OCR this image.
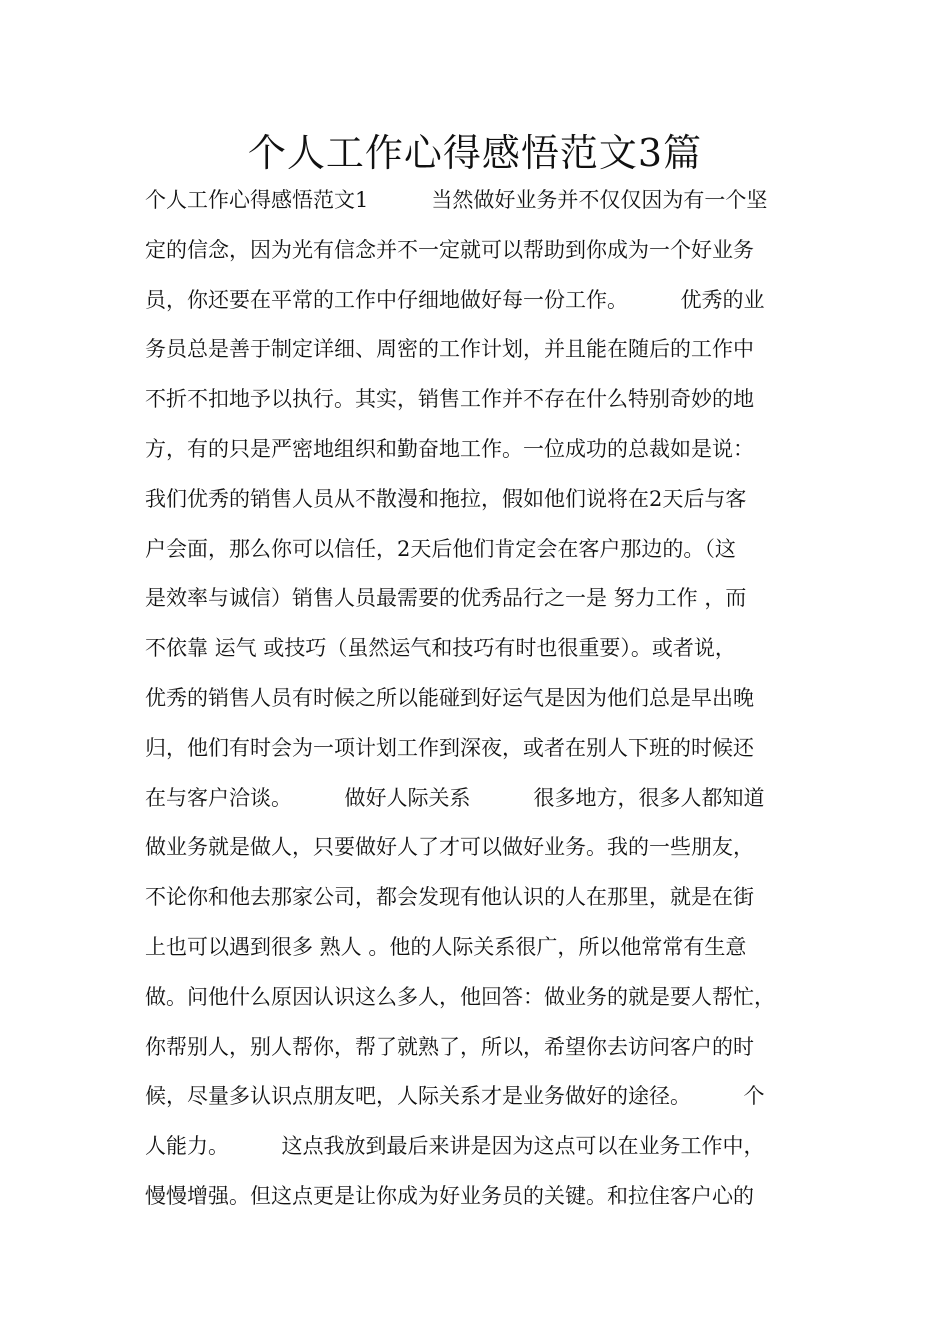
个人工作心得感悟范文3篇
个人工作心得感悟范文1　　　当然做好业务并不仅仅因为有一个坚
定的信念，因为光有信念并不一定就可以帮助到你成为一个好业务
员，你还要在平常的工作中仔细地做好每一份工作。　　　优秀的业
务员总是善于制定详细、周密的工作计划，并且能在随后的工作中
不折不扣地予以执行。其实，销售工作并不存在什么特别奇妙的地
方，有的只是严密地组织和勤奋地工作。一位成功的总裁如是说：
我们优秀的销售人员从不散漫和拖拉，假如他们说将在2天后与客
户会面，那么你可以信任，2天后他们肯定会在客户那边的。（这
是效率与诚信）销售人员最需要的优秀品行之一是 努力工作 ，而
不依靠 运气 或技巧（虽然运气和技巧有时也很重要）。或者说，
优秀的销售人员有时候之所以能碰到好运气是因为他们总是早出晚
归，他们有时会为一项计划工作到深夜，或者在别人下班的时候还
在与客户洽谈。　　　做好人际关系　　　很多地方，很多人都知道
做业务就是做人，只要做好人了才可以做好业务。我的一些朋友，
不论你和他去那家公司，都会发现有他认识的人在那里，就是在街
上也可以遇到很多 熟人 。他的人际关系很广，所以他常常有生意
做。问他什么原因认识这么多人，他回答：做业务的就是要人帮忙，
你帮别人，别人帮你，帮了就熟了，所以，希望你去访问客户的时
候，尽量多认识点朋友吧，人际关系才是业务做好的途径。　　　个
人能力。　　　这点我放到最后来讲是因为这点可以在业务工作中，
慢慢增强。但这点更是让你成为好业务员的关键。和拉住客户心的
